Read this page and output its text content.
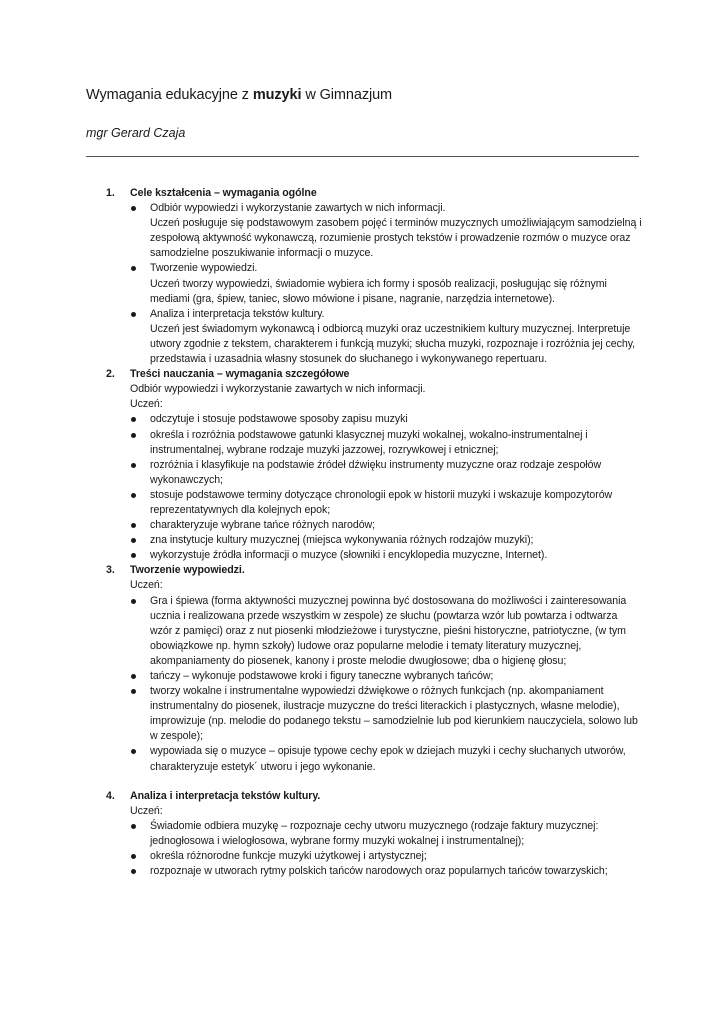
Wymagania edukacyjne z muzyki w Gimnazjum
mgr Gerard Czaja
1. Cele kształcenia – wymagania ogólne
Odbiór wypowiedzi i wykorzystanie zawartych w nich informacji.
Uczeń posługuje się podstawowym zasobem pojęć i terminów muzycznych umożliwiającym samodzielną i zespołową aktywność wykonawczą, rozumienie prostych tekstów i prowadzenie rozmów o muzyce oraz samodzielne poszukiwanie informacji o muzyce.
Tworzenie wypowiedzi.
Uczeń tworzy wypowiedzi, świadomie wybiera ich formy i sposób realizacji, posługując się różnymi mediami (gra, śpiew, taniec, słowo mówione i pisane, nagranie, narzędzia internetowe).
Analiza i interpretacja tekstów kultury.
Uczeń jest świadomym wykonawcą i odbiorcą muzyki oraz uczestnikiem kultury muzycznej. Interpretuje utwory zgodnie z tekstem, charakterem i funkcją muzyki; słucha muzyki, rozpoznaje i rozróżnia jej cechy, przedstawia i uzasadnia własny stosunek do słuchanego i wykonywanego repertuaru.
2. Treści nauczania – wymagania szczegółowe
Odbiór wypowiedzi i wykorzystanie zawartych w nich informacji.
Uczeń:
odczytuje i stosuje podstawowe sposoby zapisu muzyki
określa i rozróżnia podstawowe gatunki klasycznej muzyki wokalnej, wokalno-instrumentalnej i instrumentalnej, wybrane rodzaje muzyki jazzowej, rozrywkowej i etnicznej;
rozróżnia i klasyfikuje na podstawie źródeł dźwięku instrumenty muzyczne oraz rodzaje zespołów wykonawczych;
stosuje podstawowe terminy dotyczące chronologii epok w historii muzyki i wskazuje kompozytorów reprezentatywnych dla kolejnych epok;
charakteryzuje wybrane tańce różnych narodów;
zna instytucje kultury muzycznej (miejsca wykonywania różnych rodzajów muzyki);
wykorzystuje źródła informacji o muzyce (słowniki i encyklopedia muzyczne, Internet).
3. Tworzenie wypowiedzi.
Uczeń:
Gra i śpiewa (forma aktywności muzycznej powinna być dostosowana do możliwości i zainteresowania ucznia i realizowana przede wszystkim w zespole) ze słuchu (powtarza wzór lub powtarza i odtwarza wzór z pamięci) oraz z nut piosenki młodzieżowe i turystyczne, pieśni historyczne, patriotyczne, (w tym obowiązkowe np. hymn szkoły) ludowe oraz popularne melodie i tematy literatury muzycznej, akompaniamenty do piosenek, kanony i proste melodie dwugłosowe; dba o higienę głosu;
tańczy – wykonuje podstawowe kroki i figury taneczne wybranych tańców;
tworzy wokalne i instrumentalne wypowiedzi dźwiękowe o różnych funkcjach (np. akompaniament instrumentalny do piosenek, ilustracje muzyczne do treści literackich i plastycznych, własne melodie), improwizuje (np. melodie do podanego tekstu – samodzielnie lub pod kierunkiem nauczyciela, solowo lub w zespole);
wypowiada się o muzyce – opisuje typowe cechy epok w dziejach muzyki i cechy słuchanych utworów, charakteryzuje estetyk´ utworu i jego wykonanie.
4. Analiza i interpretacja tekstów kultury.
Uczeń:
Świadomie odbiera muzykę – rozpoznaje cechy utworu muzycznego (rodzaje faktury muzycznej: jednogłosowa i wielogłosowa, wybrane formy muzyki wokalnej i instrumentalnej);
określa różnorodne funkcje muzyki użytkowej i artystycznej;
rozpoznaje w utworach rytmy polskich tańców narodowych oraz popularnych tańców towarzyskich;
